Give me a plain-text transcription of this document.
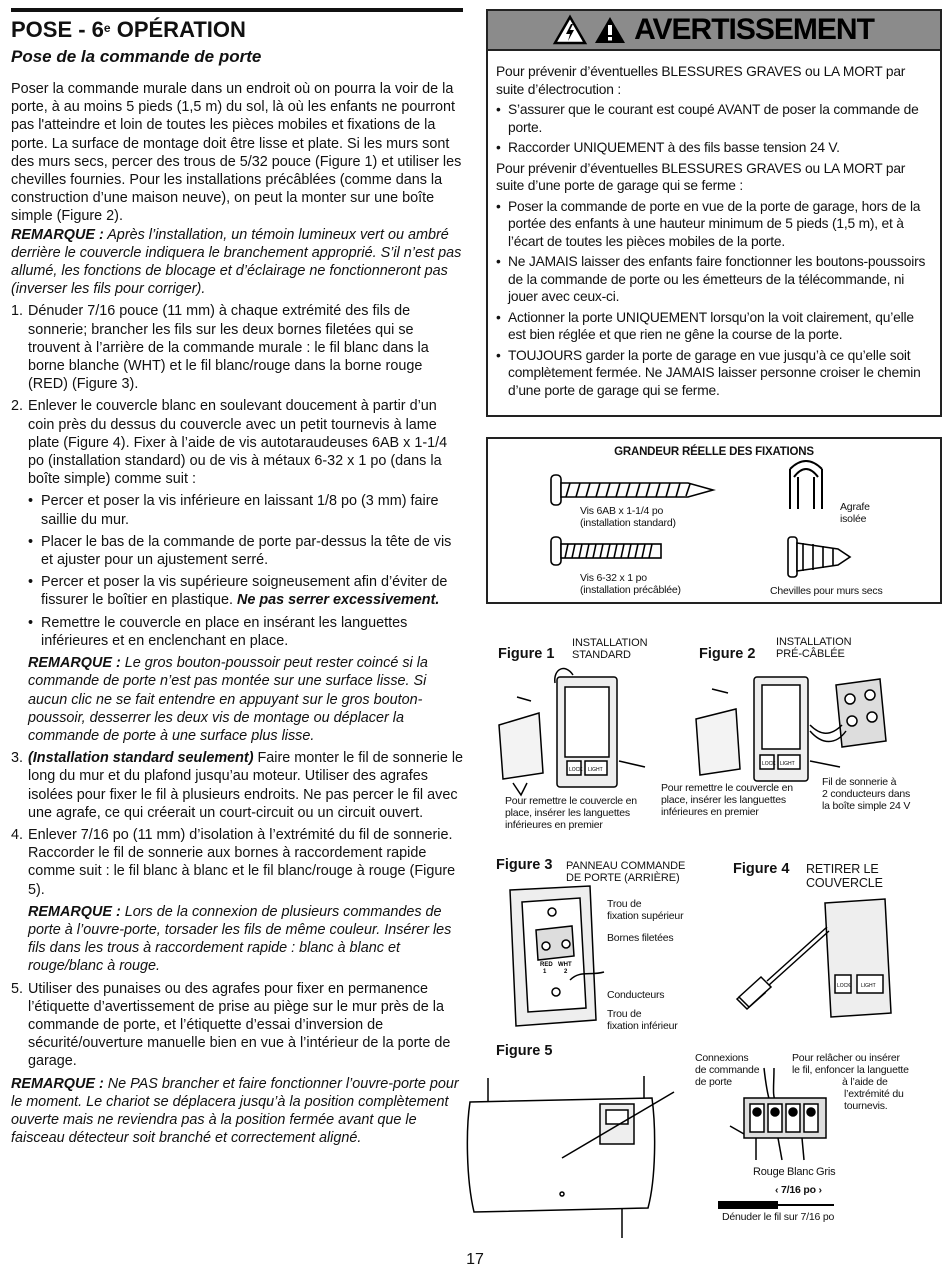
POSE - 6e OPÉRATION
Pose de la commande de porte
Poser la commande murale dans un endroit où on pourra la voir de la porte, à au moins 5 pieds (1,5 m) du sol, là où les enfants ne pourront pas l'atteindre et loin de toutes les pièces mobiles et fixations de la porte. La surface de montage doit être lisse et plate. Si les murs sont des murs secs, percer des trous de 5/32 pouce (Figure 1) et utiliser les chevilles fournies. Pour les installations précâblées (comme dans la construction d’une maison neuve), on peut la monter sur une boîte simple (Figure 2).
REMARQUE : Après l’installation, un témoin lumineux vert ou ambré derrière le couvercle indiquera le branchement approprié. S’il n’est pas allumé, les fonctions de blocage et d’éclairage ne fonctionneront pas (inverser les fils pour corriger).
1. Dénuder 7/16 pouce (11 mm) à chaque extrémité des fils de sonnerie; brancher les fils sur les deux bornes filetées qui se trouvent à l’arrière de la commande murale : le fil blanc dans la borne blanche (WHT) et le fil blanc/rouge dans la borne rouge (RED) (Figure 3).
2. Enlever le couvercle blanc en soulevant doucement à partir d’un coin près du dessus du couvercle avec un petit tournevis à lame plate (Figure 4). Fixer à l’aide de vis autotaraudeuses 6AB x 1-1/4 po (installation standard) ou de vis à métaux 6-32 x 1 po (dans la boîte simple) comme suit :
• Percer et poser la vis inférieure en laissant 1/8 po (3 mm) faire saillie du mur.
• Placer le bas de la commande de porte par-dessus la tête de vis et ajuster pour un ajustement serré.
• Percer et poser la vis supérieure soigneusement afin d’éviter de fissurer le boîtier en plastique. Ne pas serrer excessivement.
• Remettre le couvercle en place en insérant les languettes inférieures et en enclenchant en place.
REMARQUE : Le gros bouton-poussoir peut rester coincé si la commande de porte n’est pas montée sur une surface lisse. Si aucun clic ne se fait entendre en appuyant sur le gros bouton-poussoir, desserrer les deux vis de montage ou déplacer la commande de porte à une surface plus lisse.
3. (Installation standard seulement) Faire monter le fil de sonnerie le long du mur et du plafond jusqu’au moteur. Utiliser des agrafes isolées pour fixer le fil à plusieurs endroits. Ne pas percer le fil avec une agrafe, ce qui créerait un court-circuit ou un circuit ouvert.
4. Enlever 7/16 po (11 mm) d’isolation à l’extrémité du fil de sonnerie. Raccorder le fil de sonnerie aux bornes à raccordement rapide comme suit : le fil blanc à blanc et le fil blanc/rouge à rouge (Figure 5).
REMARQUE : Lors de la connexion de plusieurs commandes de porte à l’ouvre-porte, torsader les fils de même couleur. Insérer les fils dans les trous à raccordement rapide : blanc à blanc et rouge/blanc à rouge.
5. Utiliser des punaises ou des agrafes pour fixer en permanence l’étiquette d’avertissement de prise au piège sur le mur près de la commande de porte, et l’étiquette d’essai d’inversion de sécurité/ouverture manuelle bien en vue à l’intérieur de la porte de garage.
REMARQUE : Ne PAS brancher et faire fonctionner l’ouvre-porte pour le moment. Le chariot se déplacera jusqu’à la position complètement ouverte mais ne reviendra pas à la position fermée avant que le faisceau détecteur soit branché et correctement aligné.
AVERTISSEMENT
Pour prévenir d’éventuelles BLESSURES GRAVES ou LA MORT par suite d’électrocution :
• S’assurer que le courant est coupé AVANT de poser la commande de porte.
• Raccorder UNIQUEMENT à des fils basse tension 24 V.
Pour prévenir d’éventuelles BLESSURES GRAVES ou LA MORT par suite d’une porte de garage qui se ferme :
• Poser la commande de porte en vue de la porte de garage, hors de la portée des enfants à une hauteur minimum de 5 pieds (1,5 m), et à l’écart de toutes les pièces mobiles de la porte.
• Ne JAMAIS laisser des enfants faire fonctionner les boutons-poussoirs de la commande de porte ou les émetteurs de la télécommande, ni jouer avec ceux-ci.
• Actionner la porte UNIQUEMENT lorsqu’on la voit clairement, qu’elle est bien réglée et que rien ne gêne la course de la porte.
• TOUJOURS garder la porte de garage en vue jusqu’à ce qu’elle soit complètement fermée. Ne JAMAIS laisser personne croiser le chemin d’une porte de garage qui se ferme.
GRANDEUR RÉELLE DES FIXATIONS
Vis 6AB x 1-1/4 po
(installation standard)
Vis 6-32 x 1 po
(installation précâblée)
Agrafe
isolée
Chevilles pour murs secs
Figure 1
INSTALLATION
STANDARD
LOCK LIGHT
Pour remettre le couvercle en
place, insérer les languettes
inférieures en premier
Figure 2
INSTALLATION
PRÉ-CÂBLÉE
LOCK LIGHT
Pour remettre le couvercle en
place, insérer les languettes
inférieures en premier
Fil de sonnerie à
2 conducteurs dans
la boîte simple 24 V
Figure 3 PANNEAU COMMANDE
DE PORTE (ARRIÈRE)
RED WHT
1	2
Trou de
fixation supérieur
Bornes filetées
Conducteurs
Trou de
fixation inférieur
Figure 4 RETIRER LE
COUVERCLE
LOCK LIGHT
Figure 5	Connexions
de commande
de porte
Pour relâcher ou insérer
le fil, enfoncer la languette
à l’aide de
l’extrémité du
tournevis.
Rouge Blanc Gris
‹ 7/16 po ›
Dénuder le fil sur 7/16 po
17
